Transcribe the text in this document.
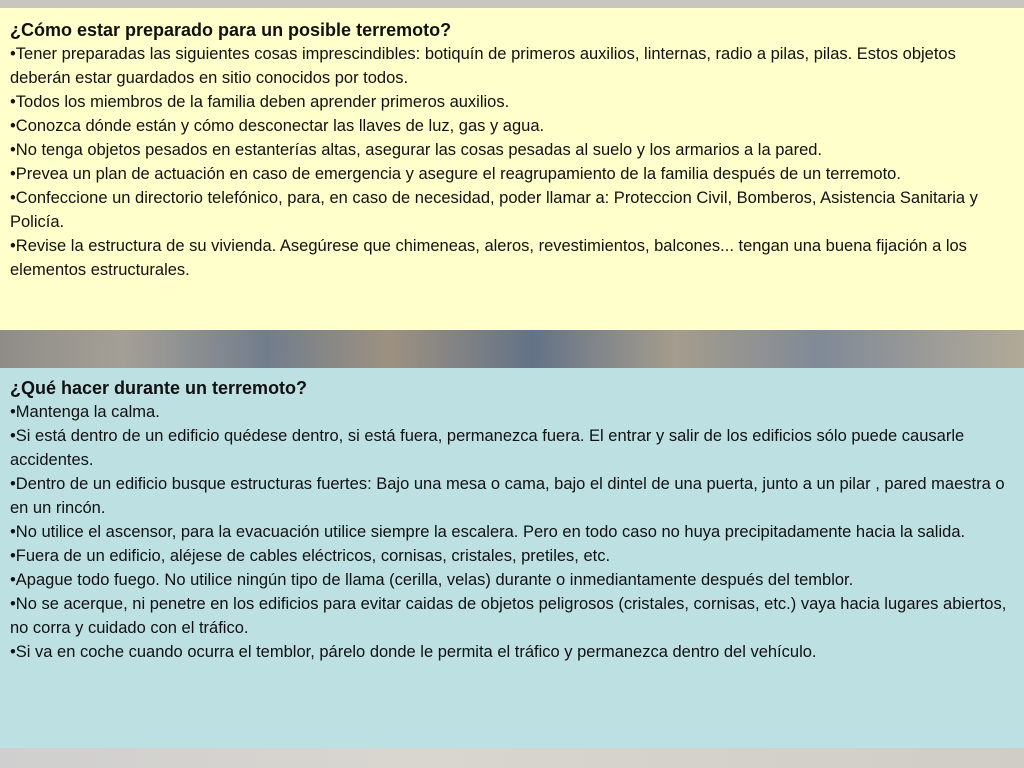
¿Cómo estar preparado para un posible terremoto?

• Tener preparadas las siguientes cosas imprescindibles: botiquín de primeros auxilios, linternas, radio a pilas, pilas. Estos objetos deberán estar guardados en sitio conocidos por todos.
• Todos los miembros de la familia deben aprender primeros auxilios.
• Conozca dónde están y cómo desconectar las llaves de luz, gas y agua.
• No tenga objetos pesados en estanterías altas, asegurar las cosas pesadas al suelo y los armarios a la pared.
• Prevea un plan de actuación en caso de emergencia y asegure el reagrupamiento de la familia después de un terremoto.
• Confeccione un directorio telefónico, para, en caso de necesidad, poder llamar a: Proteccion Civil, Bomberos, Asistencia Sanitaria y Policía.
• Revise la estructura de su vivienda. Asegúrese que chimeneas, aleros, revestimientos, balcones... tengan una buena fijación a los elementos estructurales.

¿Qué hacer durante un terremoto?

• Mantenga la calma.
• Si está dentro de un edificio quédese dentro, si está fuera, permanezca fuera. El entrar y salir de los edificios sólo puede causarle accidentes.
• Dentro de un edificio busque estructuras fuertes: Bajo una mesa o cama, bajo el dintel de una puerta, junto a un pilar , pared maestra o en un rincón.
• No utilice el ascensor, para la evacuación utilice siempre la escalera. Pero en todo caso no huya precipitadamente hacia la salida.
• Fuera de un edificio, aléjese de cables eléctricos, cornisas, cristales, pretiles, etc.
• Apague todo fuego. No utilice ningún tipo de llama (cerilla, velas) durante o inmediantamente después del temblor.
• No se acerque, ni penetre en los edificios para evitar caidas de objetos peligrosos (cristales, cornisas, etc.) vaya hacia lugares abiertos, no corra y cuidado con el tráfico.
• Si va en coche cuando ocurra el temblor, párelo donde le permita el tráfico y permanezca dentro del vehículo.
